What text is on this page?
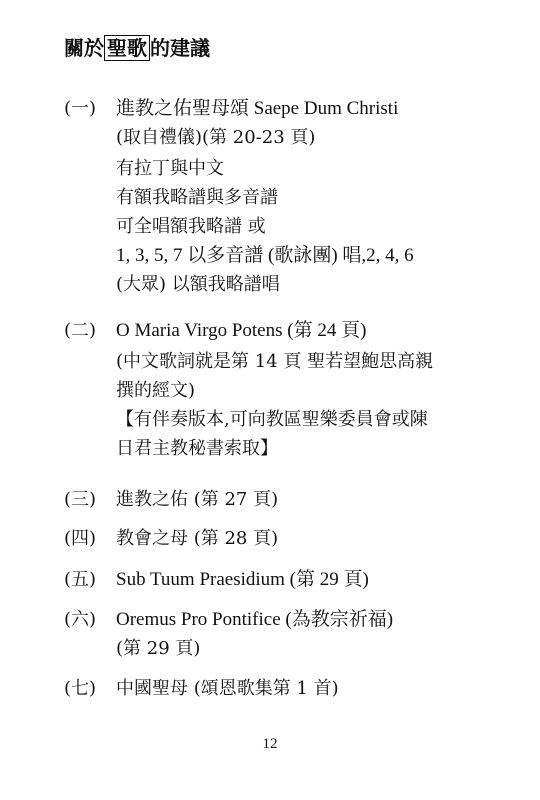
關於 聖歌 的建議
(一) 進教之佑聖母頌 Saepe Dum Christi
(取自禮儀)(第 20-23 頁)
有拉丁與中文
有額我略譜與多音譜
可全唱額我略譜 或
1, 3, 5, 7 以多音譜 (歌詠團) 唱,2, 4, 6
(大眾) 以額我略譜唱
(二) O Maria Virgo Potens (第 24 頁)
(中文歌詞就是第 14 頁 聖若望鮑思高親
撰的經文)
【有伴奏版本,可向教區聖樂委員會或陳
日君主教秘書索取】
(三) 進教之佑 (第 27 頁)
(四) 教會之母 (第 28 頁)
(五) Sub Tuum Praesidium (第 29 頁)
(六) Oremus Pro Pontifice (為教宗祈福)
(第 29 頁)
(七) 中國聖母 (頌恩歌集第 1 首)
12
